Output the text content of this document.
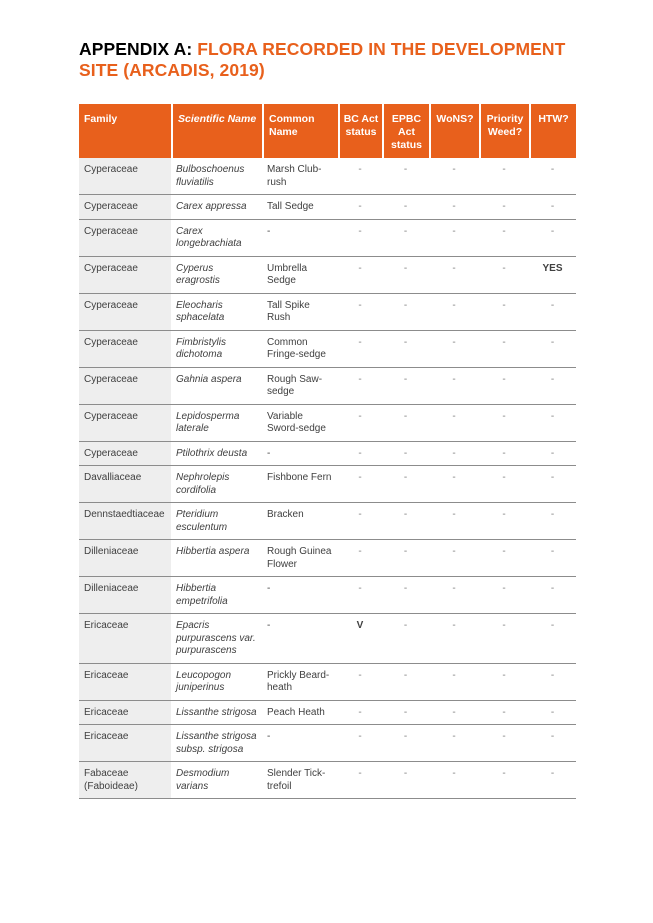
APPENDIX A: FLORA RECORDED IN THE DEVELOPMENT SITE (ARCADIS, 2019)
Family	Scientific Name	Common Name	BC Act status	EPBC Act status	WoNS?	Priority Weed?	HTW?
Cyperaceae	Bulboschoenus fluviatilis	Marsh Club-rush	-	-	-	-	-
Cyperaceae	Carex appressa	Tall Sedge	-	-	-	-	-
Cyperaceae	Carex longebrachiata	-	-	-	-	-	-
Cyperaceae	Cyperus eragrostis	Umbrella Sedge	-	-	-	-	YES
Cyperaceae	Eleocharis sphacelata	Tall Spike Rush	-	-	-	-	-
Cyperaceae	Fimbristylis dichotoma	Common Fringe-sedge	-	-	-	-	-
Cyperaceae	Gahnia aspera	Rough Saw-sedge	-	-	-	-	-
Cyperaceae	Lepidosperma laterale	Variable Sword-sedge	-	-	-	-	-
Cyperaceae	Ptilothrix deusta	-	-	-	-	-	-
Davalliaceae	Nephrolepis cordifolia	Fishbone Fern	-	-	-	-	-
Dennstaedtiaceae	Pteridium esculentum	Bracken	-	-	-	-	-
Dilleniaceae	Hibbertia aspera	Rough Guinea Flower	-	-	-	-	-
Dilleniaceae	Hibbertia empetrifolia	-	-	-	-	-	-
Ericaceae	Epacris purpurascens var. purpurascens	-	V	-	-	-	-
Ericaceae	Leucopogon juniperinus	Prickly Beard-heath	-	-	-	-	-
Ericaceae	Lissanthe strigosa	Peach Heath	-	-	-	-	-
Ericaceae	Lissanthe strigosa subsp. strigosa	-	-	-	-	-	-
Fabaceae (Faboideae)	Desmodium varians	Slender Tick-trefoil	-	-	-	-	-
